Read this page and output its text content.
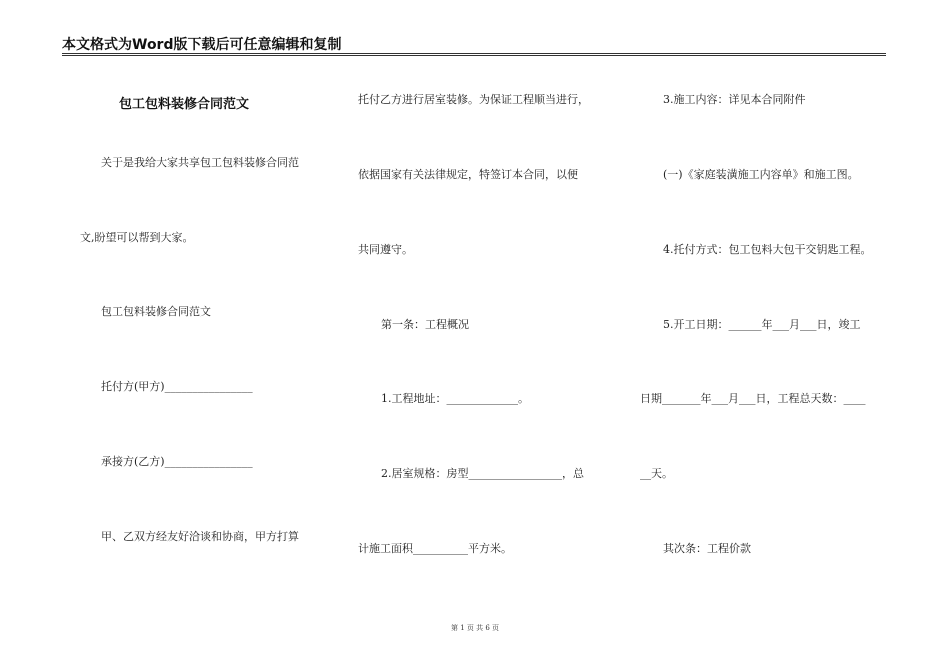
本文格式为Word版下载后可任意编辑和复制
包工包料装修合同范文
关于是我给大家共享包工包料装修合同范
文,盼望可以帮到大家。
包工包料装修合同范文
托付方(甲方)________________
承接方(乙方)________________
甲、乙双方经友好洽谈和协商，甲方打算
托付乙方进行居室装修。为保证工程顺当进行，
依据国家有关法律规定，特签订本合同，以便
共同遵守。
第一条：工程概况
1.工程地址：_____________。
2.居室规格：房型_________________，总
计施工面积__________平方米。
3.施工内容：详见本合同附件
(一)《家庭装潢施工内容单》和施工图。
4.托付方式：包工包料大包干交钥匙工程。
5.开工日期：______年___月___日，竣工
日期_______年___月___日，工程总天数：____
__天。
其次条：工程价款
第 1 页 共 6 页
